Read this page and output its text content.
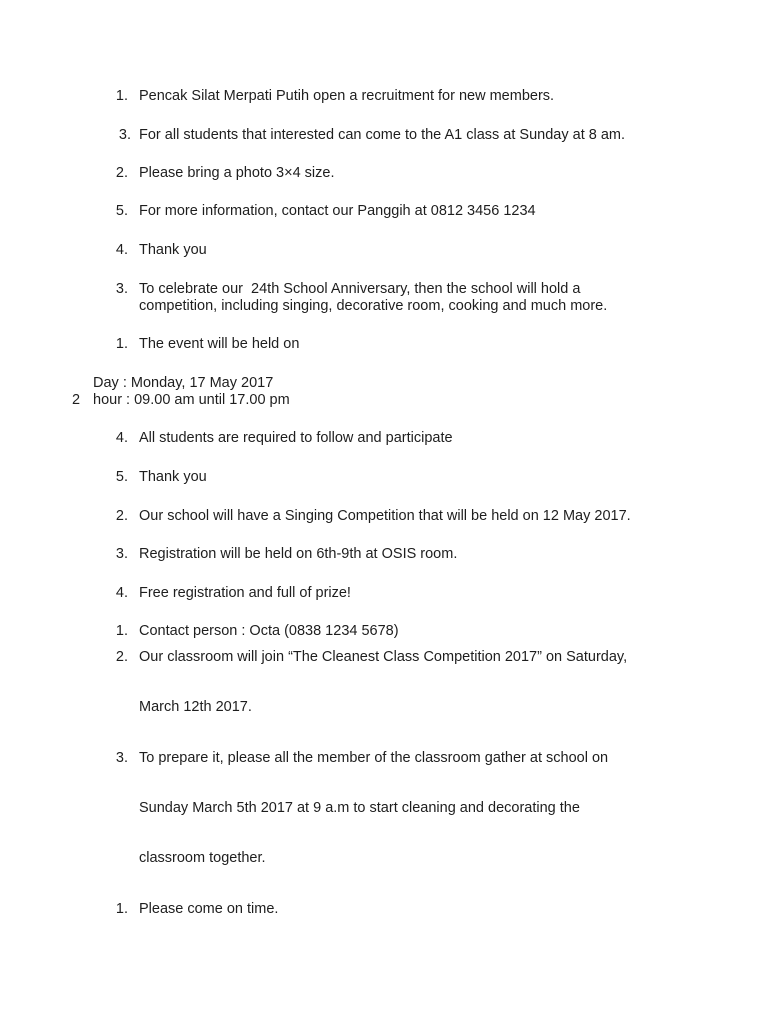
1. Pencak Silat Merpati Putih open a recruitment for new members.
3. For all students that interested can come to the A1 class at Sunday at 8 am.
2. Please bring a photo 3×4 size.
5. For more information, contact our Panggih at 0812 3456 1234
4. Thank you
3. To celebrate our  24th School Anniversary, then the school will hold a competition, including singing, decorative room, cooking and much more.
1. The event will be held on
Day : Monday, 17 May 2017
2 hour : 09.00 am until 17.00 pm
4. All students are required to follow and participate
5. Thank you
2. Our school will have a Singing Competition that will be held on 12 May 2017.
3. Registration will be held on 6th-9th at OSIS room.
4. Free registration and full of prize!
1. Contact person : Octa (0838 1234 5678)
2. Our classroom will join “The Cleanest Class Competition 2017” on Saturday,
March 12th 2017.
3. To prepare it, please all the member of the classroom gather at school on
Sunday March 5th 2017 at 9 a.m to start cleaning and decorating the
classroom together.
1. Please come on time.
